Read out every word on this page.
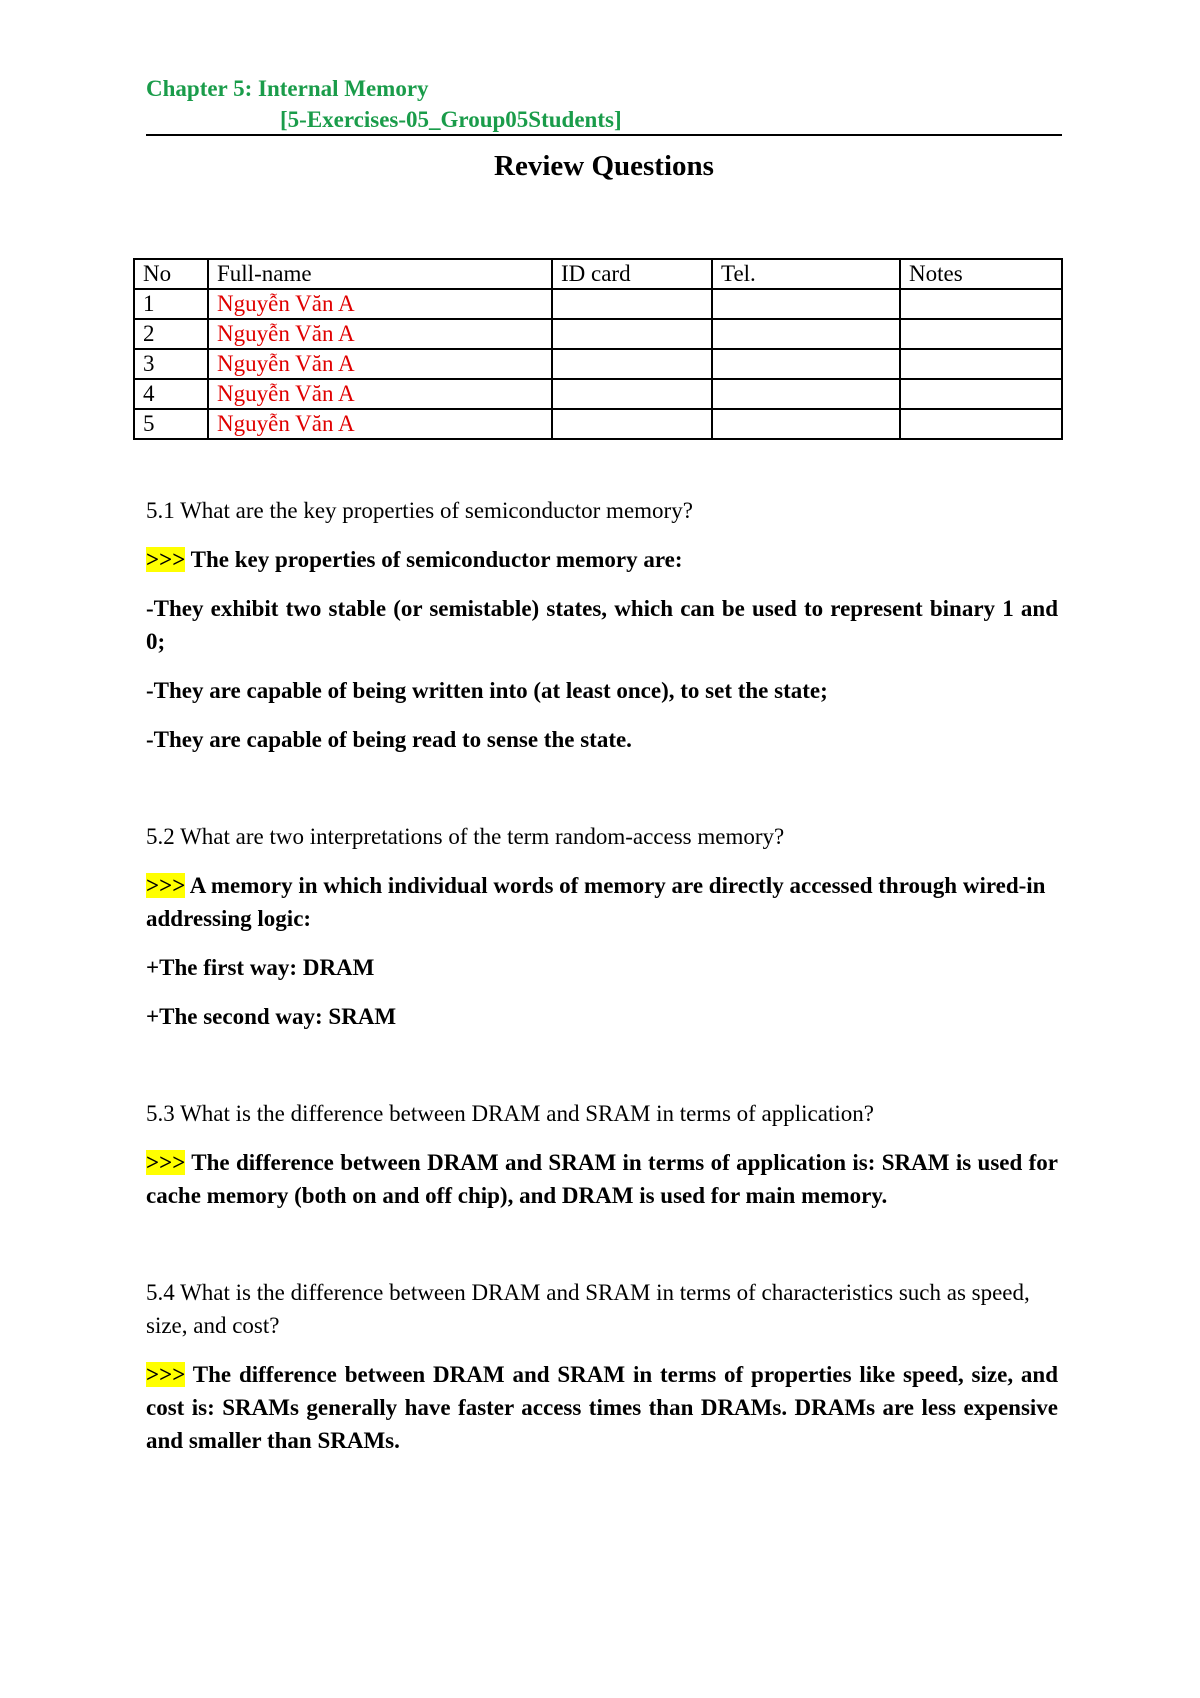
Chapter 5: Internal Memory
[5-Exercises-05_Group05Students]
Review Questions
No	Full-name	ID card	Tel.	Notes
1	Nguyễn Văn A			
2	Nguyễn Văn A			
3	Nguyễn Văn A			
4	Nguyễn Văn A			
5	Nguyễn Văn A			

5.1 What are the key properties of semiconductor memory?

>>> The key properties of semiconductor memory are:

-They exhibit two stable (or semistable) states, which can be used to represent binary 1 and 0;

-They are capable of being written into (at least once), to set the state;

-They are capable of being read to sense the state.

5.2 What are two interpretations of the term random-access memory?

>>> A memory in which individual words of memory are directly accessed through wired-in addressing logic:

+The first way: DRAM

+The second way: SRAM

5.3 What is the difference between DRAM and SRAM in terms of application?

>>> The difference between DRAM and SRAM in terms of application is: SRAM is used for cache memory (both on and off chip), and DRAM is used for main memory.

5.4 What is the difference between DRAM and SRAM in terms of characteristics such as speed, size, and cost?

>>> The difference between DRAM and SRAM in terms of properties like speed, size, and cost is: SRAMs generally have faster access times than DRAMs. DRAMs are less expensive and smaller than SRAMs.
